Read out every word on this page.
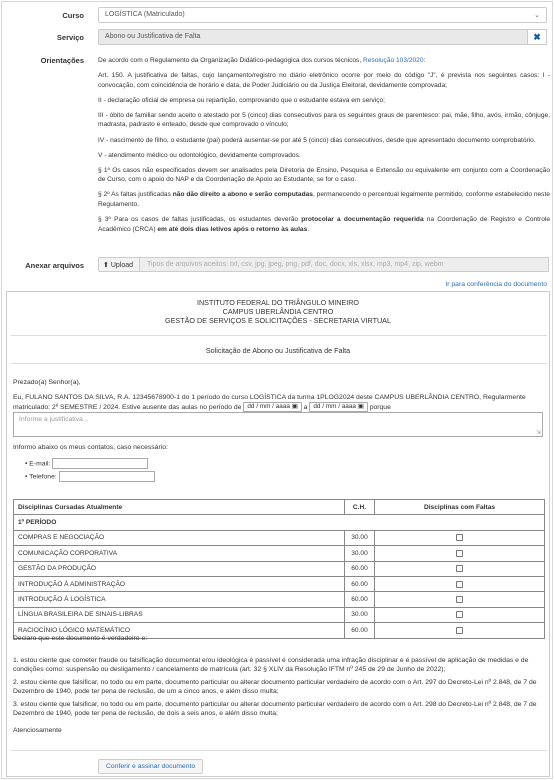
Curso	LOGÍSTICA (Matriculado)	⌄
Serviço	Abono ou Justificativa de Falta	✖
Orientações De acordo com o Regulamento da Organização Didático-pedagógica dos cursos técnicos, Resolução 103/2020:

Art. 150. A justificativa de faltas, cujo lançamento/registro no diário eletrônico ocorre por meio do código "J", é prevista nos seguintes casos: I - convocação, com coincidência de horário e data, de Poder Judiciário ou da Justiça Eleitoral, devidamente comprovada;

II - declaração oficial de empresa ou repartição, comprovando que o estudante estava em serviço;

III - óbito de familiar sendo aceito o atestado por 5 (cinco) dias consecutivos para os seguintes graus de parentesco: pai, mãe, filho, avós, irmão, cônjuge, madrasta, padrasto e enteado, desde que comprovado o vínculo;

IV - nascimento de filho, o estudante (pai) poderá ausentar-se por até 5 (cinco) dias consecutivos, desde que apresentado documento comprobatório.

V - atendimento médico ou odontológico, devidamente comprovados.

§ 1º Os casos não especificados devem ser analisados pela Diretoria de Ensino, Pesquisa e Extensão ou equivalente em conjunto com a Coordenação de Curso, com o apoio do NAP e da Coordenação de Apoio ao Estudante, se for o caso.

§ 2º As faltas justificadas não dão direito a abono e serão computadas, permanecendo o percentual legalmente permitido, conforme estabelecido neste Regulamento.

§ 3º Para os casos de faltas justificadas, os estudantes deverão protocolar a documentação requerida na Coordenação de Registro e Controle Acadêmico (CRCA) em até dois dias letivos após o retorno às aulas.

Anexar arquivos	⬆ Upload	Tipos de arquivos aceitos: txt, csv, jpg, jpeg, png, pdf, doc, docx, xls, xlsx, mp3, mp4, zip, webm
Ir para conferência do documento
INSTITUTO FEDERAL DO TRIÂNGULO MINEIRO
CAMPUS UBERLÂNDIA CENTRO
GESTÃO DE SERVIÇOS E SOLICITAÇÕES - SECRETARIA VIRTUAL
Solicitação de Abono ou Justificativa de Falta
Prezado(a) Senhor(a),
Eu, FULANO SANTOS DA SILVA, R.A. 12345678900-1 do 1 período do curso LOGÍSTICA da turma 1PLOG2024 deste CAMPUS UBERLÂNDIA CENTRO, Regularmente
matriculado: 2º SEMESTRE / 2024. Estive ausente das aulas no período de dd / mm / aaaa ▣ a dd / mm / aaaa ▣ porque
Informe a justificativa...
⇲
Informo abaixo os meus contatos, caso necessário:
• E-mail:
• Telefone:
Disciplinas Cursadas Atualmente	C.H.	Disciplinas com Faltas
1º PERÍODO		
COMPRAS E NEGOCIAÇÃO	30.00	
COMUNICAÇÃO CORPORATIVA	30.00	
GESTÃO DA PRODUÇÃO	60.00	
INTRODUÇÃO À ADMINISTRAÇÃO	60.00	
INTRODUÇÃO À LOGÍSTICA	60.00	
LÍNGUA BRASILEIRA DE SINAIS-LIBRAS	30.00	
RACIOCÍNIO LÓGICO MATEMÁTICO	60.00	
Declaro que este documento é verdadeiro e:
1. estou ciente que cometer fraude ou falsificação documental e/ou ideológica é passível é considerada uma infração disciplinar e é passível de aplicação de medidas e de condições como: suspensão ou desligamento / cancelamento de matrícula (art. 32 § XLIV da Resolução IFTM nº 245 de 29 de Junho de 2022);
2. estou ciente que falsificar, no todo ou em parte, documento particular ou alterar documento particular verdadeiro de acordo com o Art. 297 do Decreto-Lei nº 2.848, de 7 de Dezembro de 1940, pode ter pena de reclusão, de um a cinco anos, e além disso multa;
3. estou ciente que falsificar, no todo ou em parte, documento particular ou alterar documento particular verdadeiro de acordo com o Art. 298 do Decreto-Lei nº 2.848, de 7 de Dezembro de 1940, pode ter pena de reclusão, de dois a seis anos, e além disso multa;
Atenciosamente
Conferir e assinar documento
